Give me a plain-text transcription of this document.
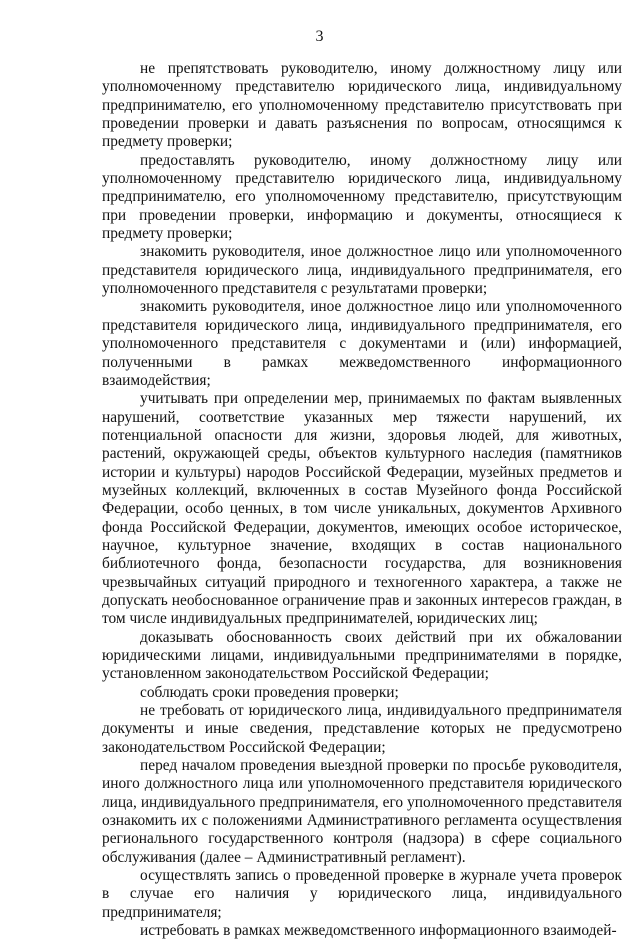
3

не препятствовать руководителю, иному должностному лицу или уполномоченному представителю юридического лица, индивидуальному предпринимателю, его уполномоченному представителю присутствовать при проведении проверки и давать разъяснения по вопросам, относящимся к предмету проверки;

предоставлять руководителю, иному должностному лицу или уполномоченному представителю юридического лица, индивидуальному предпринимателю, его уполномоченному представителю, присутствующим при проведении проверки, информацию и документы, относящиеся к предмету проверки;

знакомить руководителя, иное должностное лицо или уполномоченного представителя юридического лица, индивидуального предпринимателя, его уполномоченного представителя с результатами проверки;

знакомить руководителя, иное должностное лицо или уполномоченного представителя юридического лица, индивидуального предпринимателя, его уполномоченного представителя с документами и (или) информацией, полученными в рамках межведомственного информационного взаимодействия;

учитывать при определении мер, принимаемых по фактам выявленных нарушений, соответствие указанных мер тяжести нарушений, их потенциальной опасности для жизни, здоровья людей, для животных, растений, окружающей среды, объектов культурного наследия (памятников истории и культуры) народов Российской Федерации, музейных предметов и музейных коллекций, включенных в состав Музейного фонда Российской Федерации, особо ценных, в том числе уникальных, документов Архивного фонда Российской Федерации, документов, имеющих особое историческое, научное, культурное значение, входящих в состав национального библиотечного фонда, безопасности государства, для возникновения чрезвычайных ситуаций природного и техногенного характера, а также не допускать необоснованное ограничение прав и законных интересов граждан, в том числе индивидуальных предпринимателей, юридических лиц;

доказывать обоснованность своих действий при их обжаловании юридическими лицами, индивидуальными предпринимателями в порядке, установленном законодательством Российской Федерации;

соблюдать сроки проведения проверки;

не требовать от юридического лица, индивидуального предпринимателя документы и иные сведения, представление которых не предусмотрено законодательством Российской Федерации;

перед началом проведения выездной проверки по просьбе руководителя, иного должностного лица или уполномоченного представителя юридического лица, индивидуального предпринимателя, его уполномоченного представителя ознакомить их с положениями Административного регламента осуществления регионального государственного контроля (надзора) в сфере социального обслуживания (далее – Административный регламент).

осуществлять запись о проведенной проверке в журнале учета проверок в случае его наличия у юридического лица, индивидуального предпринимателя;

истребовать в рамках межведомственного информационного взаимодей-
